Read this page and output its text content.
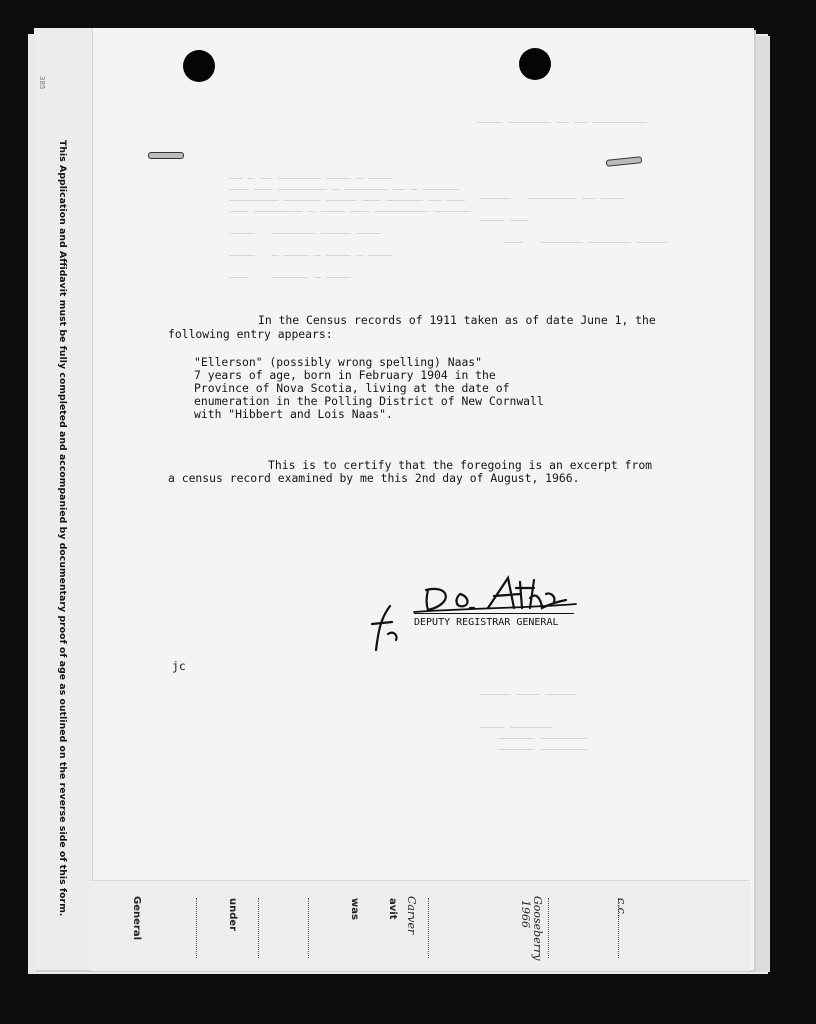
── ─ ── ─────── ──── ─ ────
─── ─── ──────── ─ ─────── ── ─ ──────
──────── ────── ───── ─── ────── ── ───
─── ──────── ─ ──── ─── ───────── ──────

────   ─────── ───── ────

────   ─ ──── ─ ──── ─ ────

───    ────── ─ ────
──── ─────── ── ── ─────────
─────   ──────── ── ────

──── ───

───   ─────── ─────── ─────
───── ──── ─────

──── ───────
────── ────────
────── ────────
385
This Application and Affidavit must be fully completed and accompanied by documentary proof of age as outlined on the reverse side of this form.	In the Census records of 1911 taken as of date June 1, the
following entry appears:
"Ellerson" (possibly wrong spelling) Naas"
7 years of age, born in February 1904 in the
Province of Nova Scotia, living at the date of
enumeration in the Polling District of New Cornwall
with "Hibbert and Lois Naas".
This is to certify that the foregoing is an excerpt from
a census record examined by me this 2nd day of August, 1966.
DEPUTY REGISTRAR GENERAL
jc
General	under	was	avit Carver	1966 Gooseberry	c.c.
